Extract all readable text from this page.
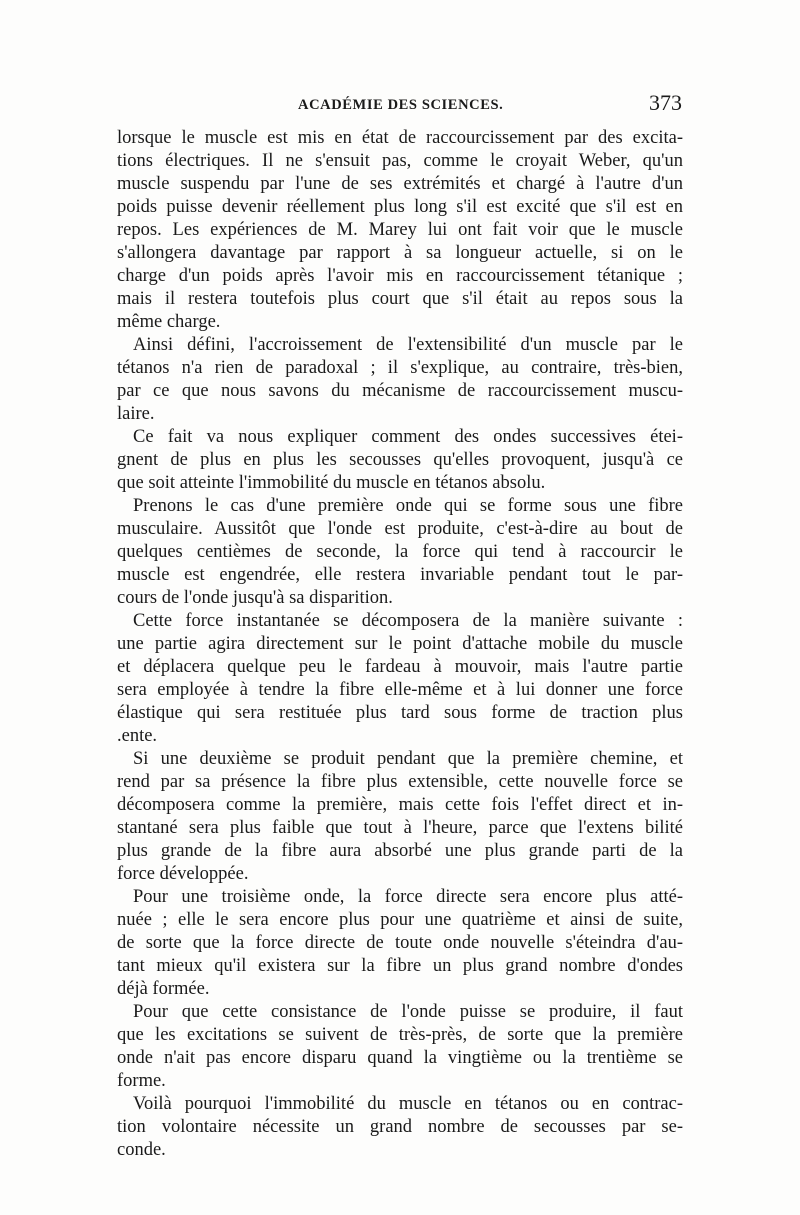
ACADÉMIE DES SCIENCES.	373
lorsque le muscle est mis en état de raccourcissement par des excita-
tions électriques. Il ne s'ensuit pas, comme le croyait Weber, qu'un
muscle suspendu par l'une de ses extrémités et chargé à l'autre d'un
poids puisse devenir réellement plus long s'il est excité que s'il est en
repos. Les expériences de M. Marey lui ont fait voir que le muscle
s'allongera davantage par rapport à sa longueur actuelle, si on le
charge d'un poids après l'avoir mis en raccourcissement tétanique ;
mais il restera toutefois plus court que s'il était au repos sous la
même charge.
Ainsi défini, l'accroissement de l'extensibilité d'un muscle par le
tétanos n'a rien de paradoxal ; il s'explique, au contraire, très-bien,
par ce que nous savons du mécanisme de raccourcissement muscu-
laire.
Ce fait va nous expliquer comment des ondes successives étei-
gnent de plus en plus les secousses qu'elles provoquent, jusqu'à ce
que soit atteinte l'immobilité du muscle en tétanos absolu.
Prenons le cas d'une première onde qui se forme sous une fibre
musculaire. Aussitôt que l'onde est produite, c'est-à-dire au bout de
quelques centièmes de seconde, la force qui tend à raccourcir le
muscle est engendrée, elle restera invariable pendant tout le par-
cours de l'onde jusqu'à sa disparition.
Cette force instantanée se décomposera de la manière suivante :
une partie agira directement sur le point d'attache mobile du muscle
et déplacera quelque peu le fardeau à mouvoir, mais l'autre partie
sera employée à tendre la fibre elle-même et à lui donner une force
élastique qui sera restituée plus tard sous forme de traction plus
.ente.
Si une deuxième se produit pendant que la première chemine, et
rend par sa présence la fibre plus extensible, cette nouvelle force se
décomposera comme la première, mais cette fois l'effet direct et in-
stantané sera plus faible que tout à l'heure, parce que l'extens bilité
plus grande de la fibre aura absorbé une plus grande parti de la
force développée.
Pour une troisième onde, la force directe sera encore plus atté-
nuée ; elle le sera encore plus pour une quatrième et ainsi de suite,
de sorte que la force directe de toute onde nouvelle s'éteindra d'au-
tant mieux qu'il existera sur la fibre un plus grand nombre d'ondes
déjà formée.
Pour que cette consistance de l'onde puisse se produire, il faut
que les excitations se suivent de très-près, de sorte que la première
onde n'ait pas encore disparu quand la vingtième ou la trentième se
forme.
Voilà pourquoi l'immobilité du muscle en tétanos ou en contrac-
tion volontaire nécessite un grand nombre de secousses par se-
conde.
